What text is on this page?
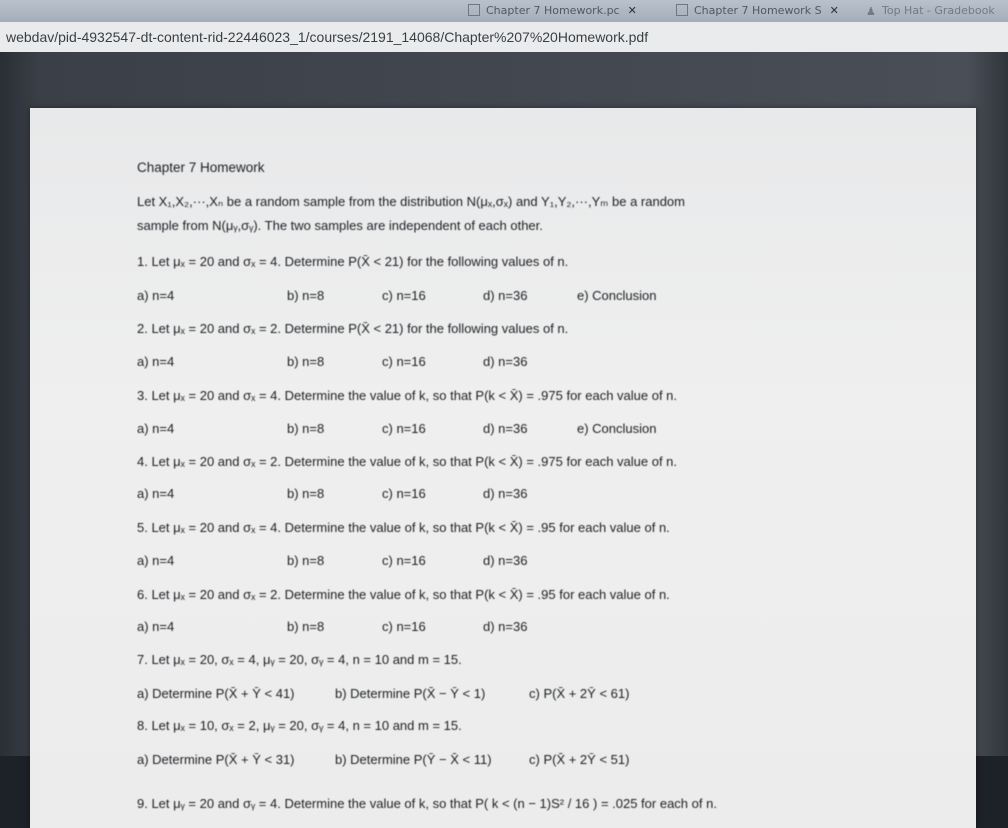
Chapter 7 Homework.pc ✕	Chapter 7 Homework S ✕ ♟ Top Hat - Gradebook
webdav/pid-4932547-dt-content-rid-22446023_1/courses/2191_14068/Chapter%207%20Homework.pdf
Chapter 7 Homework
Let X₁,X₂,···,Xₙ be a random sample from the distribution N(μₓ,σₓ) and Y₁,Y₂,···,Yₘ be a random
sample from N(μᵧ,σᵧ). The two samples are independent of each other.
1. Let μₓ = 20 and σₓ = 4. Determine P(X̄ < 21) for the following values of n.
a) n=4	b) n=8	c) n=16	d) n=36	e) Conclusion
2. Let μₓ = 20 and σₓ = 2. Determine P(X̄ < 21) for the following values of n.
a) n=4	b) n=8	c) n=16	d) n=36
3. Let μₓ = 20 and σₓ = 4. Determine the value of k, so that P(k < X̄) = .975 for each value of n.
a) n=4	b) n=8	c) n=16	d) n=36	e) Conclusion
4. Let μₓ = 20 and σₓ = 2. Determine the value of k, so that P(k < X̄) = .975 for each value of n.
a) n=4	b) n=8	c) n=16	d) n=36
5. Let μₓ = 20 and σₓ = 4. Determine the value of k, so that P(k < X̄) = .95 for each value of n.
a) n=4	b) n=8	c) n=16	d) n=36
6. Let μₓ = 20 and σₓ = 2. Determine the value of k, so that P(k < X̄) = .95 for each value of n.
a) n=4	b) n=8	c) n=16	d) n=36
7. Let μₓ = 20, σₓ = 4, μᵧ = 20, σᵧ = 4, n = 10 and m = 15.
a) Determine P(X̄ + Ȳ < 41)	b) Determine P(X̄ − Ȳ < 1)	c) P(X̄ + 2Ȳ < 61)
8. Let μₓ = 10, σₓ = 2, μᵧ = 20, σᵧ = 4, n = 10 and m = 15.
a) Determine P(X̄ + Ȳ < 31)	b) Determine P(Ȳ − X̄ < 11)	c) P(X̄ + 2Ȳ < 51)
9. Let μᵧ = 20 and σᵧ = 4. Determine the value of k, so that P( k < (n − 1)S² / 16 ) = .025 for each of n.
